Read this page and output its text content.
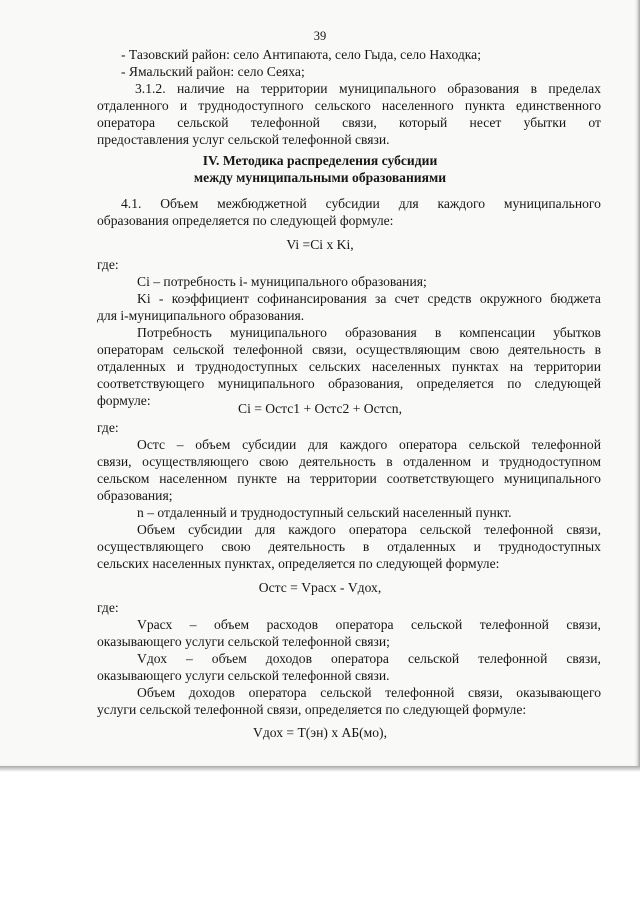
39
- Тазовский район: село Антипаюта, село Гыда, село Находка;
- Ямальский район: село Сеяха;
3.1.2. наличие на территории муниципального образования в пределах
отдаленного и труднодоступного сельского населенного пункта единственного
оператора сельской телефонной связи, который несет убытки от
предоставления услуг сельской телефонной связи.
IV. Методика распределения субсидии
между муниципальными образованиями
4.1. Объем межбюджетной субсидии для каждого муниципального
образования определяется по следующей формуле:
Vi =Ci x Ki,
где:
Ci – потребность i- муниципального образования;
Ki - коэффициент софинансирования за счет средств окружного бюджета
для i-муниципального образования.
Потребность муниципального образования в компенсации убытков
операторам сельской телефонной связи, осуществляющим свою деятельность в
отдаленных и труднодоступных сельских населенных пунктах на территории
соответствующего муниципального образования, определяется по следующей
формуле:
Ci = Остс1 + Остс2 + Остсn,
где:
Остс – объем субсидии для каждого оператора сельской телефонной
связи, осуществляющего свою деятельность в отдаленном и труднодоступном
сельском населенном пункте на территории соответствующего муниципального
образования;
n – отдаленный и труднодоступный сельский населенный пункт.
Объем субсидии для каждого оператора сельской телефонной связи,
осуществляющего свою деятельность в отдаленных и труднодоступных
сельских населенных пунктах, определяется по следующей формуле:
Остс = Vрасх - Vдох,
где:
Vрасх – объем расходов оператора сельской телефонной связи,
оказывающего услуги сельской телефонной связи;
Vдох – объем доходов оператора сельской телефонной связи,
оказывающего услуги сельской телефонной связи.
Объем доходов оператора сельской телефонной связи, оказывающего
услуги сельской телефонной связи, определяется по следующей формуле:
Vдох = Т(эн) х АБ(мо),
